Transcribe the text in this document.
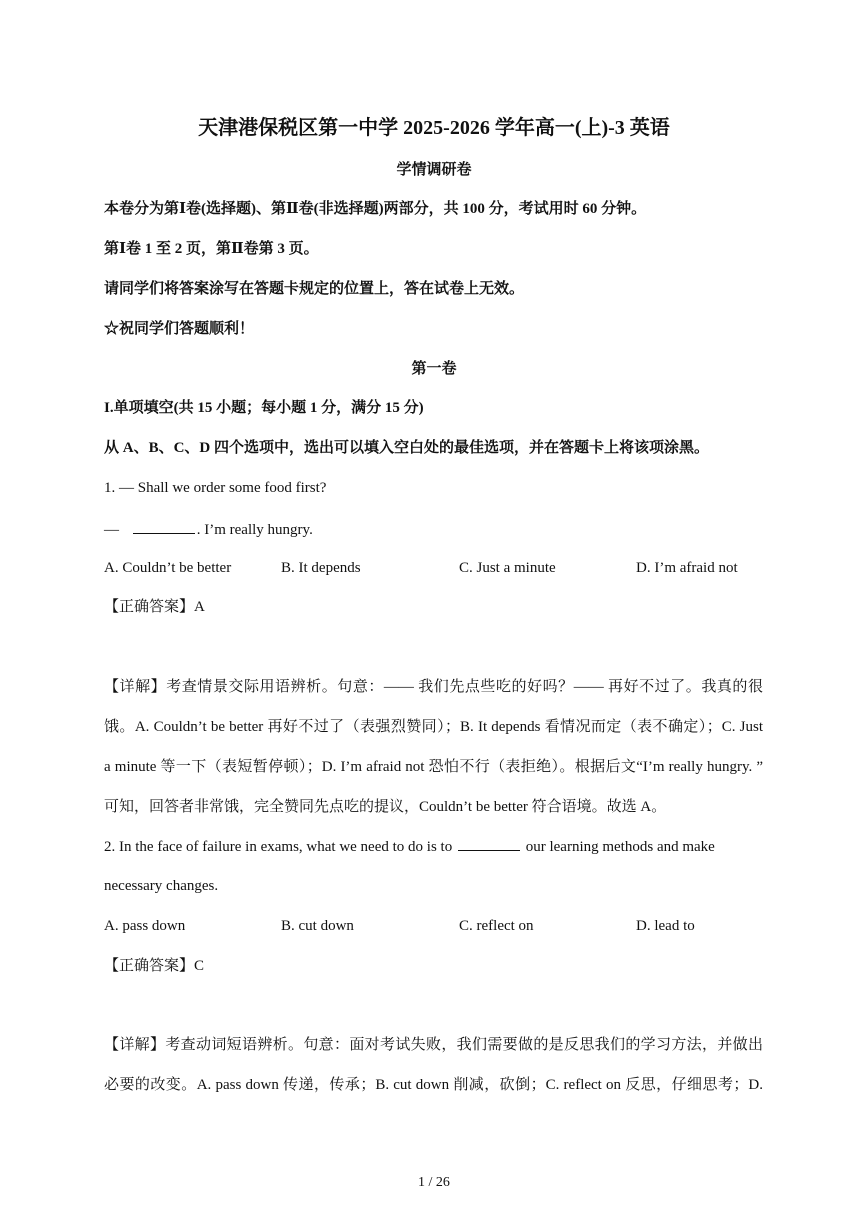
天津港保税区第一中学 2025-2026 学年高一(上)-3 英语
学情调研卷
本卷分为第Ⅰ卷(选择题)、第Ⅱ卷(非选择题)两部分，共 100 分，考试用时 60 分钟。
第Ⅰ卷 1 至 2 页，第Ⅱ卷第 3 页。
请同学们将答案涂写在答题卡规定的位置上，答在试卷上无效。
☆祝同学们答题顺利！
第一卷
I.单项填空(共 15 小题；每小题 1 分，满分 15 分)
从 A、B、C、D 四个选项中，选出可以填入空白处的最佳选项，并在答题卡上将该项涂黑。
1. — Shall we order some food first?
—	. I’m really hungry.
A. Couldn’t be better	B. It depends	C. Just a minute	D. I’m afraid not
【正确答案】A
【详解】考查情景交际用语辨析。句意：—— 我们先点些吃的好吗？—— 再好不过了。我真的很
饿。A. Couldn’t be better 再好不过了（表强烈赞同）；B. It depends 看情况而定（表不确定）；C. Just
a minute 等一下（表短暂停顿）；D. I’m afraid not 恐怕不行（表拒绝）。根据后文“I’m really hungry. ”
可知，回答者非常饿，完全赞同先点吃的提议，Couldn’t be better 符合语境。故选 A。
2. In the face of failure in exams, what we need to do is to	our learning methods and make
necessary changes.
A. pass down	B. cut down	C. reflect on	D. lead to
【正确答案】C
【详解】考查动词短语辨析。句意：面对考试失败，我们需要做的是反思我们的学习方法，并做出
必要的改变。A. pass down 传递，传承；B. cut down 削减，砍倒；C. reflect on 反思，仔细思考；D.
1 / 26
